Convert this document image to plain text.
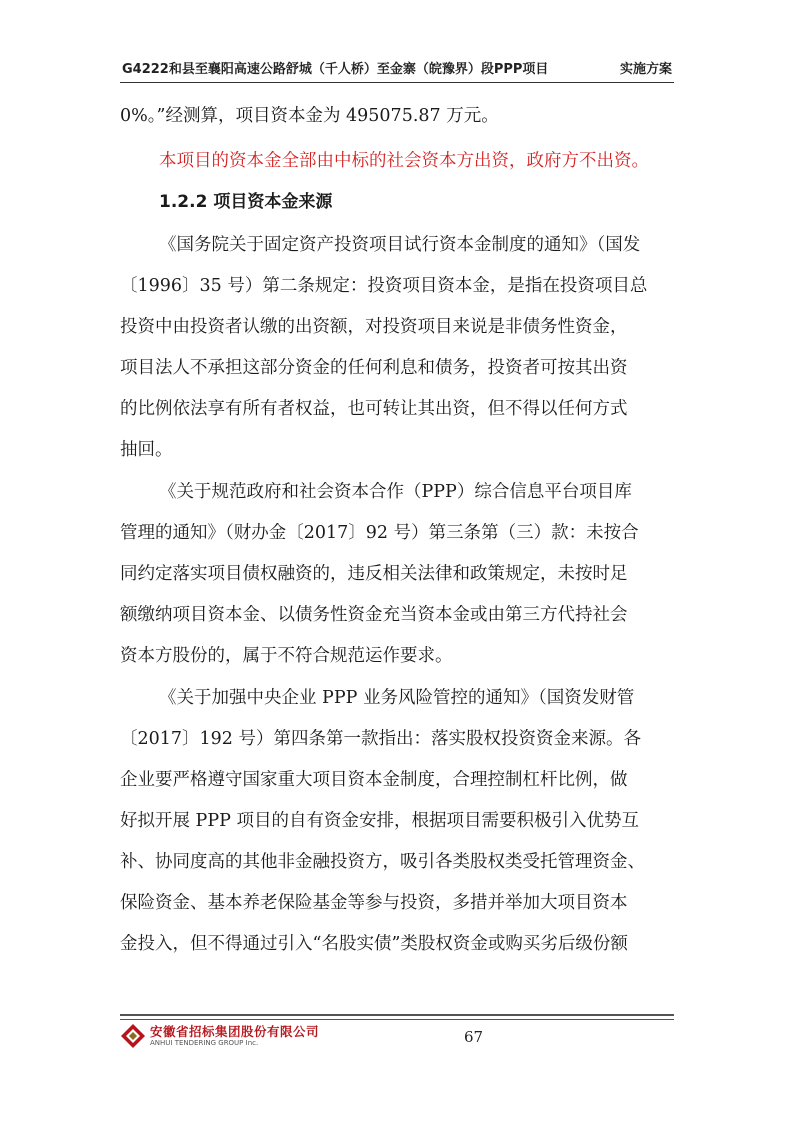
G4222和县至襄阳高速公路舒城（千人桥）至金寨（皖豫界）段PPP项目	实施方案
0%。”经测算，项目资本金为 495075.87 万元。
本项目的资本金全部由中标的社会资本方出资，政府方不出资。
1.2.2 项目资本金来源
《国务院关于固定资产投资项目试行资本金制度的通知》（国发
〔1996〕35 号）第二条规定：投资项目资本金，是指在投资项目总
投资中由投资者认缴的出资额，对投资项目来说是非债务性资金，
项目法人不承担这部分资金的任何利息和债务，投资者可按其出资
的比例依法享有所有者权益，也可转让其出资，但不得以任何方式
抽回。
《关于规范政府和社会资本合作（PPP）综合信息平台项目库
管理的通知》（财办金〔2017〕92 号）第三条第（三）款：未按合
同约定落实项目债权融资的，违反相关法律和政策规定，未按时足
额缴纳项目资本金、以债务性资金充当资本金或由第三方代持社会
资本方股份的，属于不符合规范运作要求。
《关于加强中央企业 PPP 业务风险管控的通知》（国资发财管
〔2017〕192 号）第四条第一款指出：落实股权投资资金来源。各
企业要严格遵守国家重大项目资本金制度，合理控制杠杆比例，做
好拟开展 PPP 项目的自有资金安排，根据项目需要积极引入优势互
补、协同度高的其他非金融投资方，吸引各类股权类受托管理资金、
保险资金、基本养老保险基金等参与投资，多措并举加大项目资本
金投入，但不得通过引入“名股实债”类股权资金或购买劣后级份额
安徽省招标集团股份有限公司
ANHUI TENDERING GROUP Inc.	67
